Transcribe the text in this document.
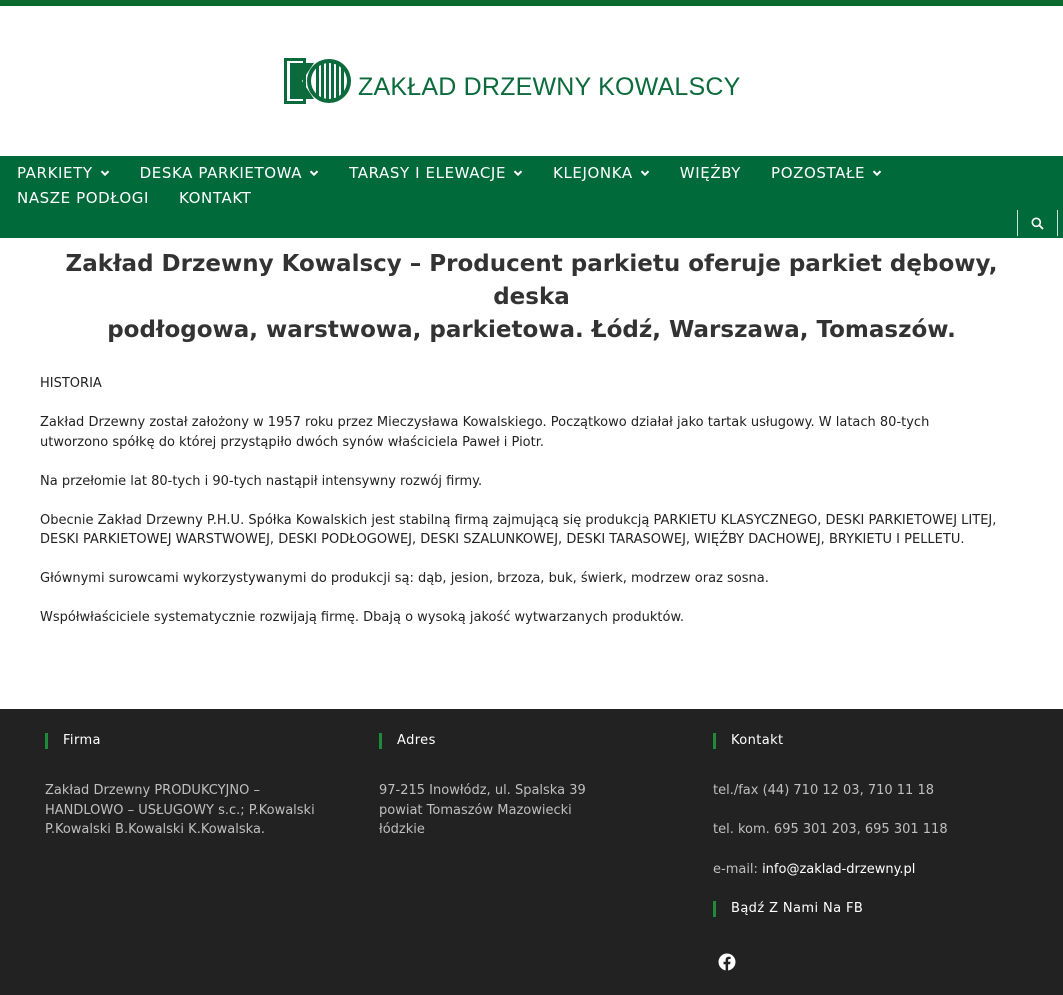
ZAKŁAD DRZEWNY KOWALSCY
PARKIETY	DESKA PARKIETOWA	TARASY I ELEWACJE	KLEJONKA	WIĘŹBY POZOSTAŁE
NASZE PODŁOGI KONTAKT
Zakład Drzewny Kowalscy – Producent parkietu oferuje parkiet dębowy, deska
podłogowa, warstwowa, parkietowa. Łódź, Warszawa, Tomaszów.

HISTORIA

Zakład Drzewny został założony w 1957 roku przez Mieczysława Kowalskiego. Początkowo działał jako tartak usługowy. W latach 80-tych
utworzono spółkę do której przystąpiło dwóch synów właściciela Paweł i Piotr.

Na przełomie lat 80-tych i 90-tych nastąpił intensywny rozwój firmy.

Obecnie Zakład Drzewny P.H.U. Spółka Kowalskich jest stabilną firmą zajmującą się produkcją PARKIETU KLASYCZNEGO, DESKI PARKIETOWEJ LITEJ,
DESKI PARKIETOWEJ WARSTWOWEJ, DESKI PODŁOGOWEJ, DESKI SZALUNKOWEJ, DESKI TARASOWEJ, WIĘŹBY DACHOWEJ, BRYKIETU I PELLETU.

Głównymi surowcami wykorzystywanymi do produkcji są: dąb, jesion, brzoza, buk, świerk, modrzew oraz sosna.

Współwłaściciele systematycznie rozwijają firmę. Dbają o wysoką jakość wytwarzanych produktów.

Firma
Zakład Drzewny PRODUKCYJNO –
HANDLOWO – USŁUGOWY s.c.; P.Kowalski
P.Kowalski B.Kowalski K.Kowalska.
Adres
97-215 Inowłódz, ul. Spalska 39
powiat Tomaszów Mazowiecki
łódzkie
Kontakt
tel./fax (44) 710 12 03, 710 11 18
tel. kom. 695 301 203, 695 301 118
e-mail: info@zaklad-drzewny.pl
Bądź Z Nami Na FB
